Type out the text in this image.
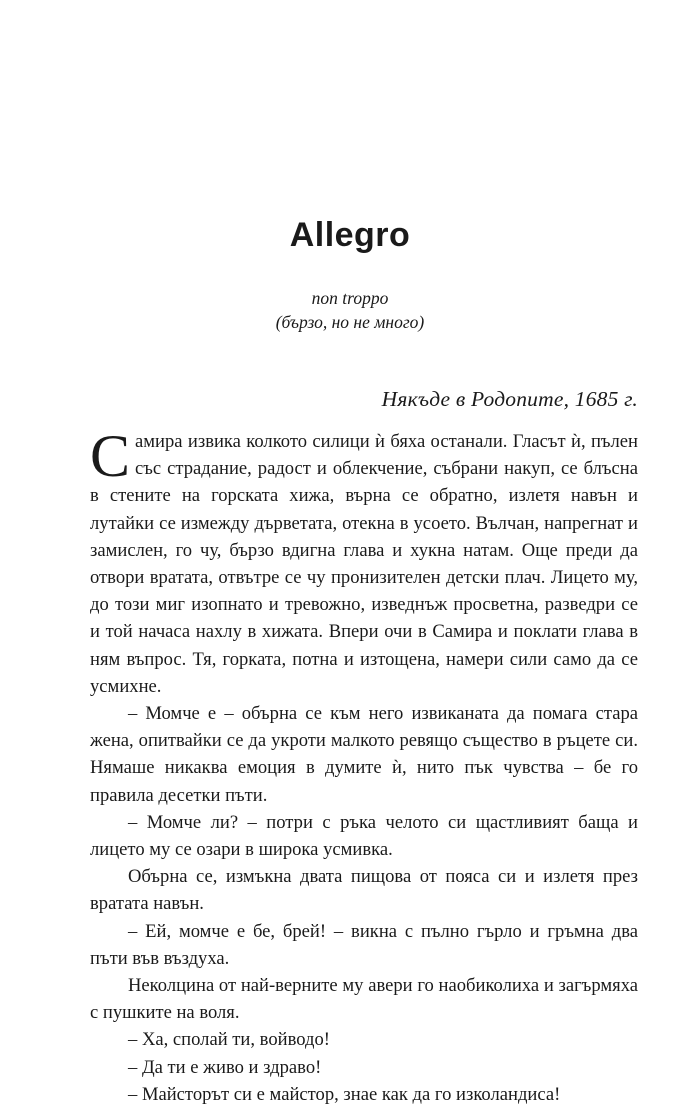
Allegro
non troppo
(бързо, но не много)
Някъде в Родопите, 1685 г.

Самира извика колкото силици ѝ бяха останали. Гласът ѝ, пълен със страдание, радост и облекчение, събрани накуп, се блъсна в стените на горската хижа, върна се обратно, излетя навън и лутайки се измежду дърветата, отекна в усоето. Вълчан, напрегнат и замислен, го чу, бързо вдигна глава и хукна натам. Още преди да отвори вратата, отвътре се чу пронизителен детски плач. Лицето му, до този миг изопнато и тревожно, изведнъж просветна, разведри се и той начаса нахлу в хижата. Впери очи в Самира и поклати глава в ням въпрос. Тя, горката, потна и изтощена, намери сили само да се усмихне.

– Момче е – обърна се към него извиканата да помага стара жена, опитвайки се да укроти малкото ревящо същество в ръцете си. Нямаше никаква емоция в думите ѝ, нито пък чувства – бе го правила десетки пъти.

– Момче ли? – потри с ръка челото си щастливият баща и лицето му се озари в широка усмивка.

Обърна се, измъкна двата пищова от пояса си и излетя през вратата навън.

– Ей, момче е бе, брей! – викна с пълно гърло и гръмна два пъти във въздуха.

Неколцина от най-верните му авери го наобиколиха и загърмяха с пушките на воля.

– Ха, сполай ти, войводо!

– Да ти е живо и здраво!

– Майсторът си е майстор, знае как да го изколандиса!
